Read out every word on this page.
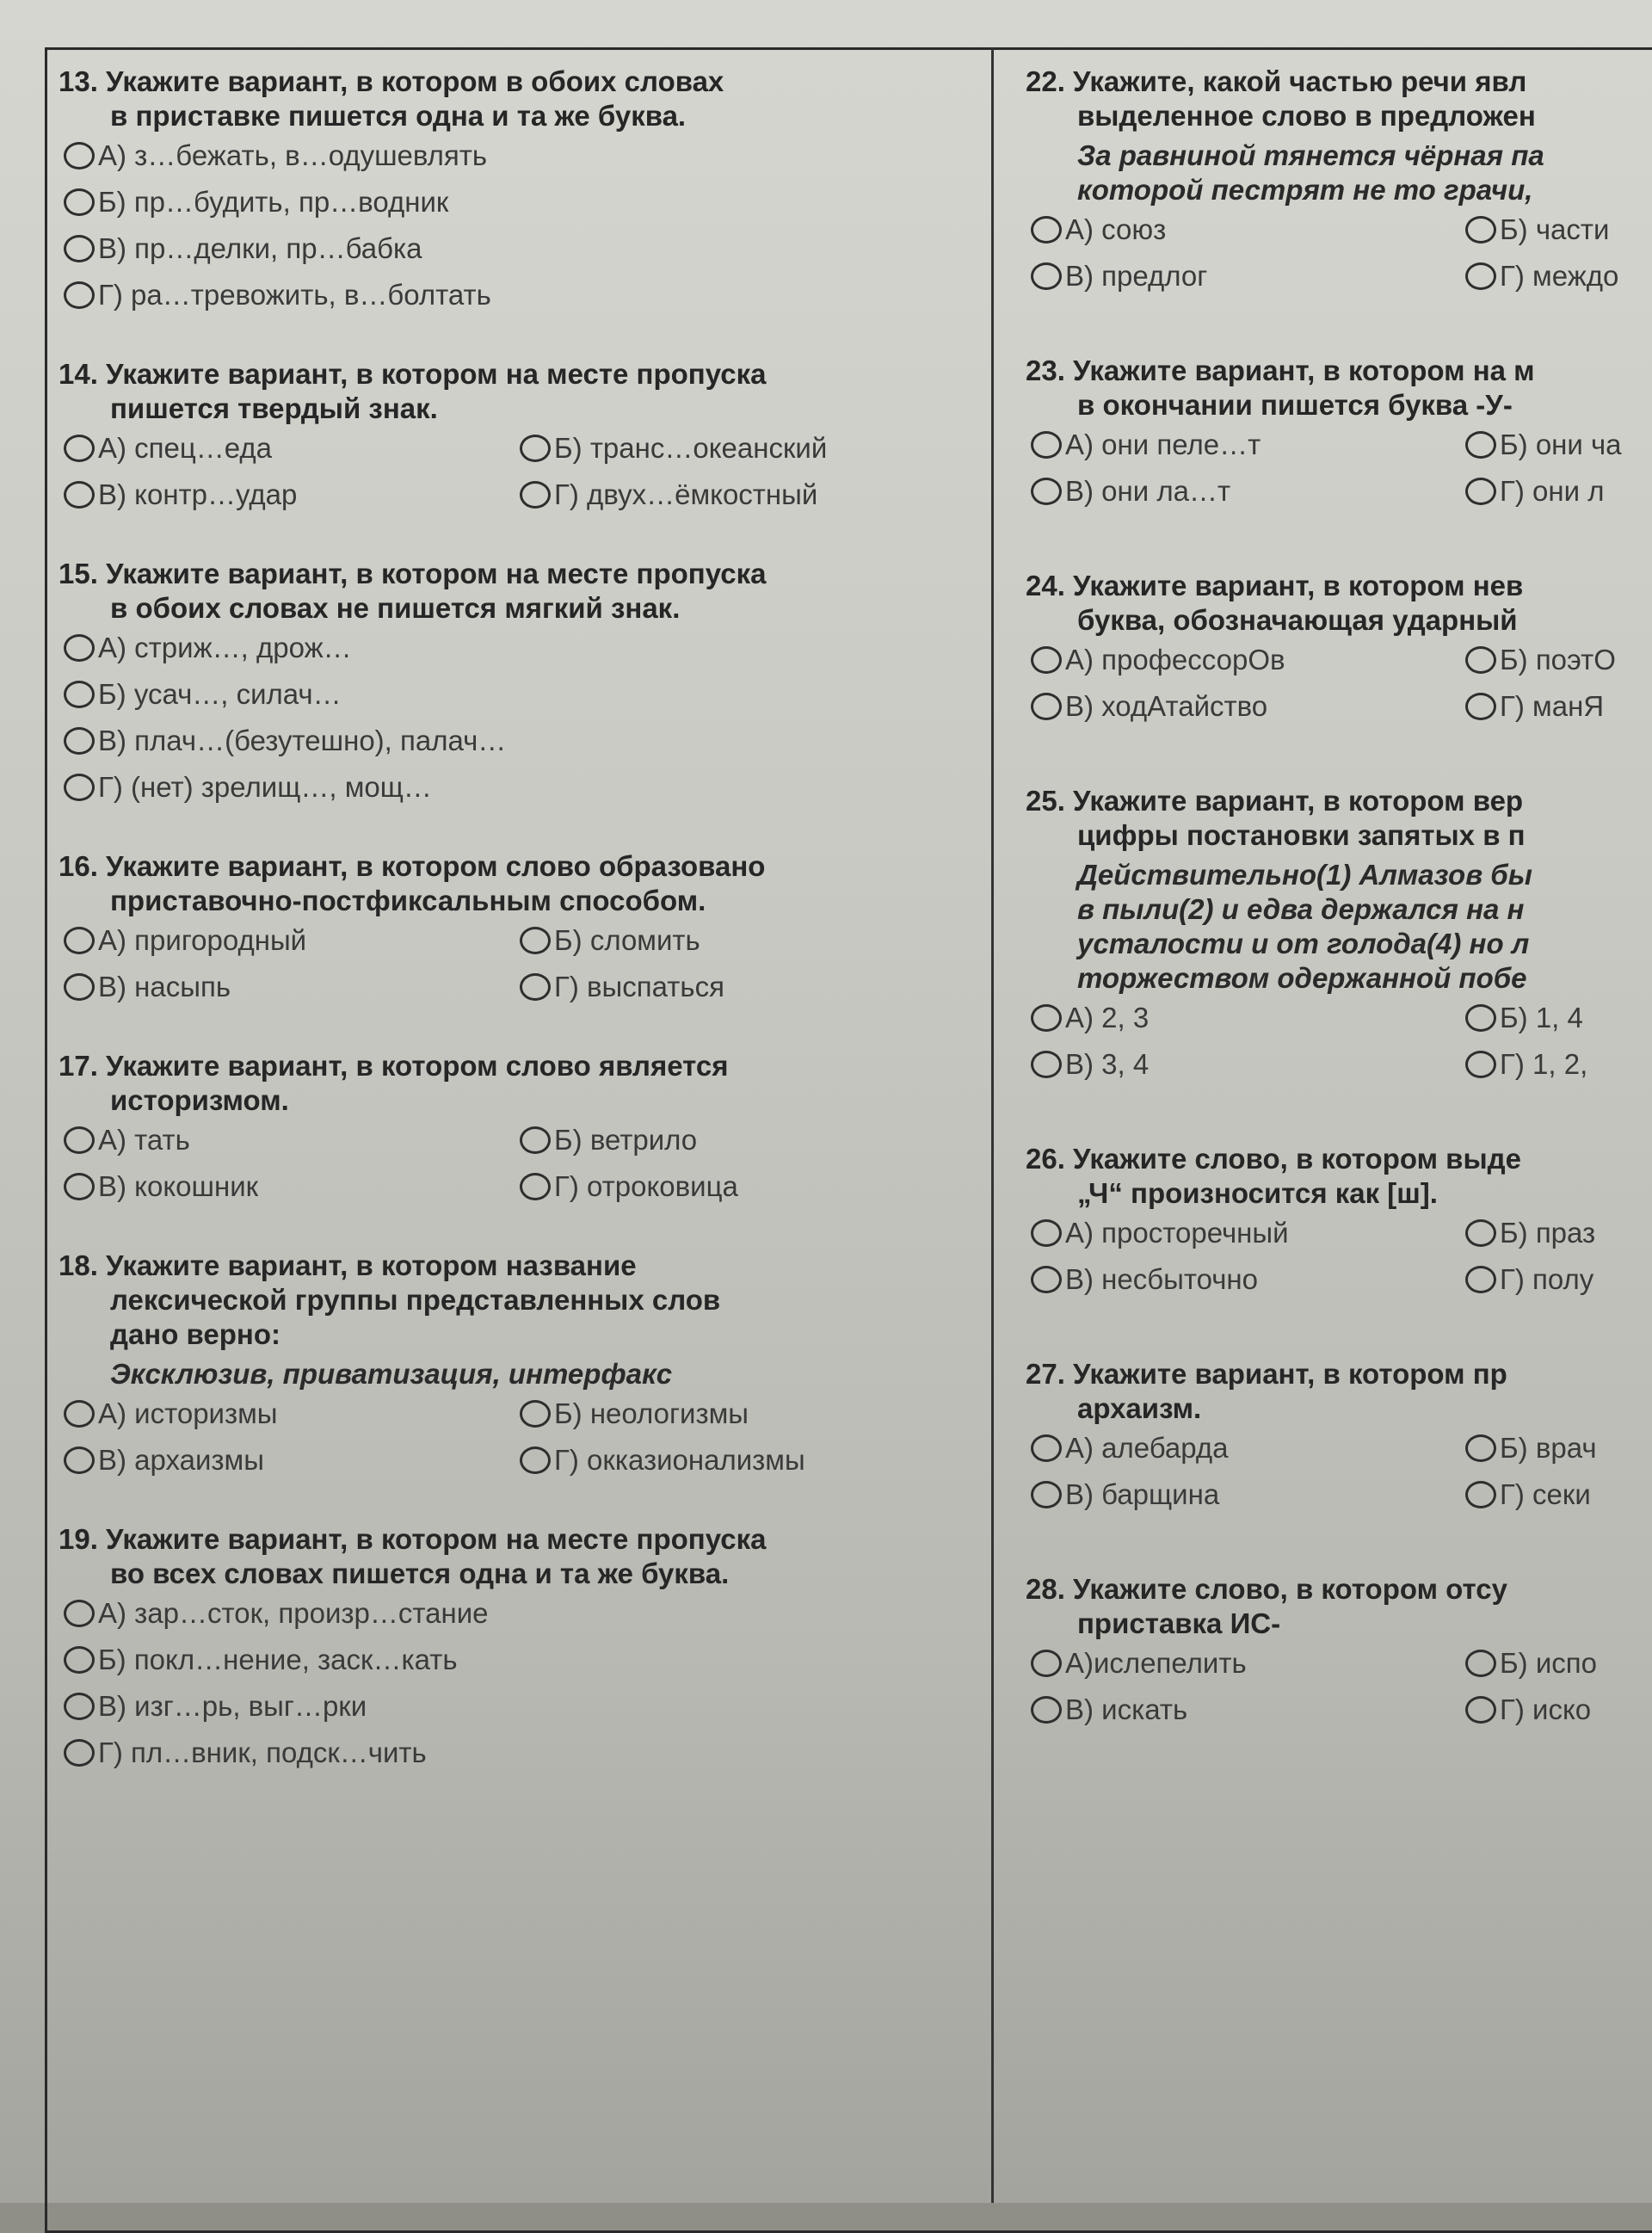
13. Укажите вариант, в котором в обоих словах
в приставке пишется одна и та же буква.
А) з…бежать, в…одушевлять
Б) пр…будить, пр…водник
В) пр…делки, пр…бабка
Г) ра…тревожить, в…болтать
14. Укажите вариант, в котором на месте пропуска
пишется твердый знак.
А) спец…еда	Б) транс…океанский
В) контр…удар	Г) двух…ёмкостный
15. Укажите вариант, в котором на месте пропуска
в обоих словах не пишется мягкий знак.
А) стриж…, дрож…
Б) усач…, силач…
В) плач…(безутешно), палач…
Г) (нет) зрелищ…, мощ…
16. Укажите вариант, в котором слово образовано
приставочно-постфиксальным способом.
А) пригородный	Б) сломить
В) насыпь	Г) выспаться
17. Укажите вариант, в котором слово является
историзмом.
А) тать	Б) ветрило
В) кокошник	Г) отроковица
18. Укажите вариант, в котором название
лексической группы представленных слов
дано верно:
Эксклюзив, приватизация, интерфакс
А) историзмы	Б) неологизмы
В) архаизмы	Г) окказионализмы
19. Укажите вариант, в котором на месте пропуска
во всех словах пишется одна и та же буква.
А) зар…сток, произр…стание
Б) покл…нение, заск…кать
В) изг…рь, выг…рки
Г) пл…вник, подск…чить
22. Укажите, какой частью речи явл
выделенное слово в предложен
За равниной тянется чёрная па
которой пестрят не то грачи,
А) союз	Б) части
В) предлог	Г) междо
23. Укажите вариант, в котором на м
в окончании пишется буква -У-
А) они пеле…т	Б) они ча
В) они ла…т	Г) они л
24. Укажите вариант, в котором нев
буква, обозначающая ударный
А) профессорОв	Б) поэтО
В) ходАтайство	Г) манЯ
25. Укажите вариант, в котором вер
цифры постановки запятых в п
Действительно(1) Алмазов бы
в пыли(2) и едва держался на н
усталости и от голода(4) но л
торжеством одержанной побе
А) 2, 3	Б) 1, 4
В) 3, 4	Г) 1, 2,
26. Укажите слово, в котором выде
„Ч“ произносится как [ш].
А) просторечный	Б) праз
В) несбыточно	Г) полу
27. Укажите вариант, в котором пр
архаизм.
А) алебарда	Б) врач
В) барщина	Г) секи
28. Укажите слово, в котором отсу
приставка ИС-
А)ислепелить	Б) испо
В) искать	Г) иско
